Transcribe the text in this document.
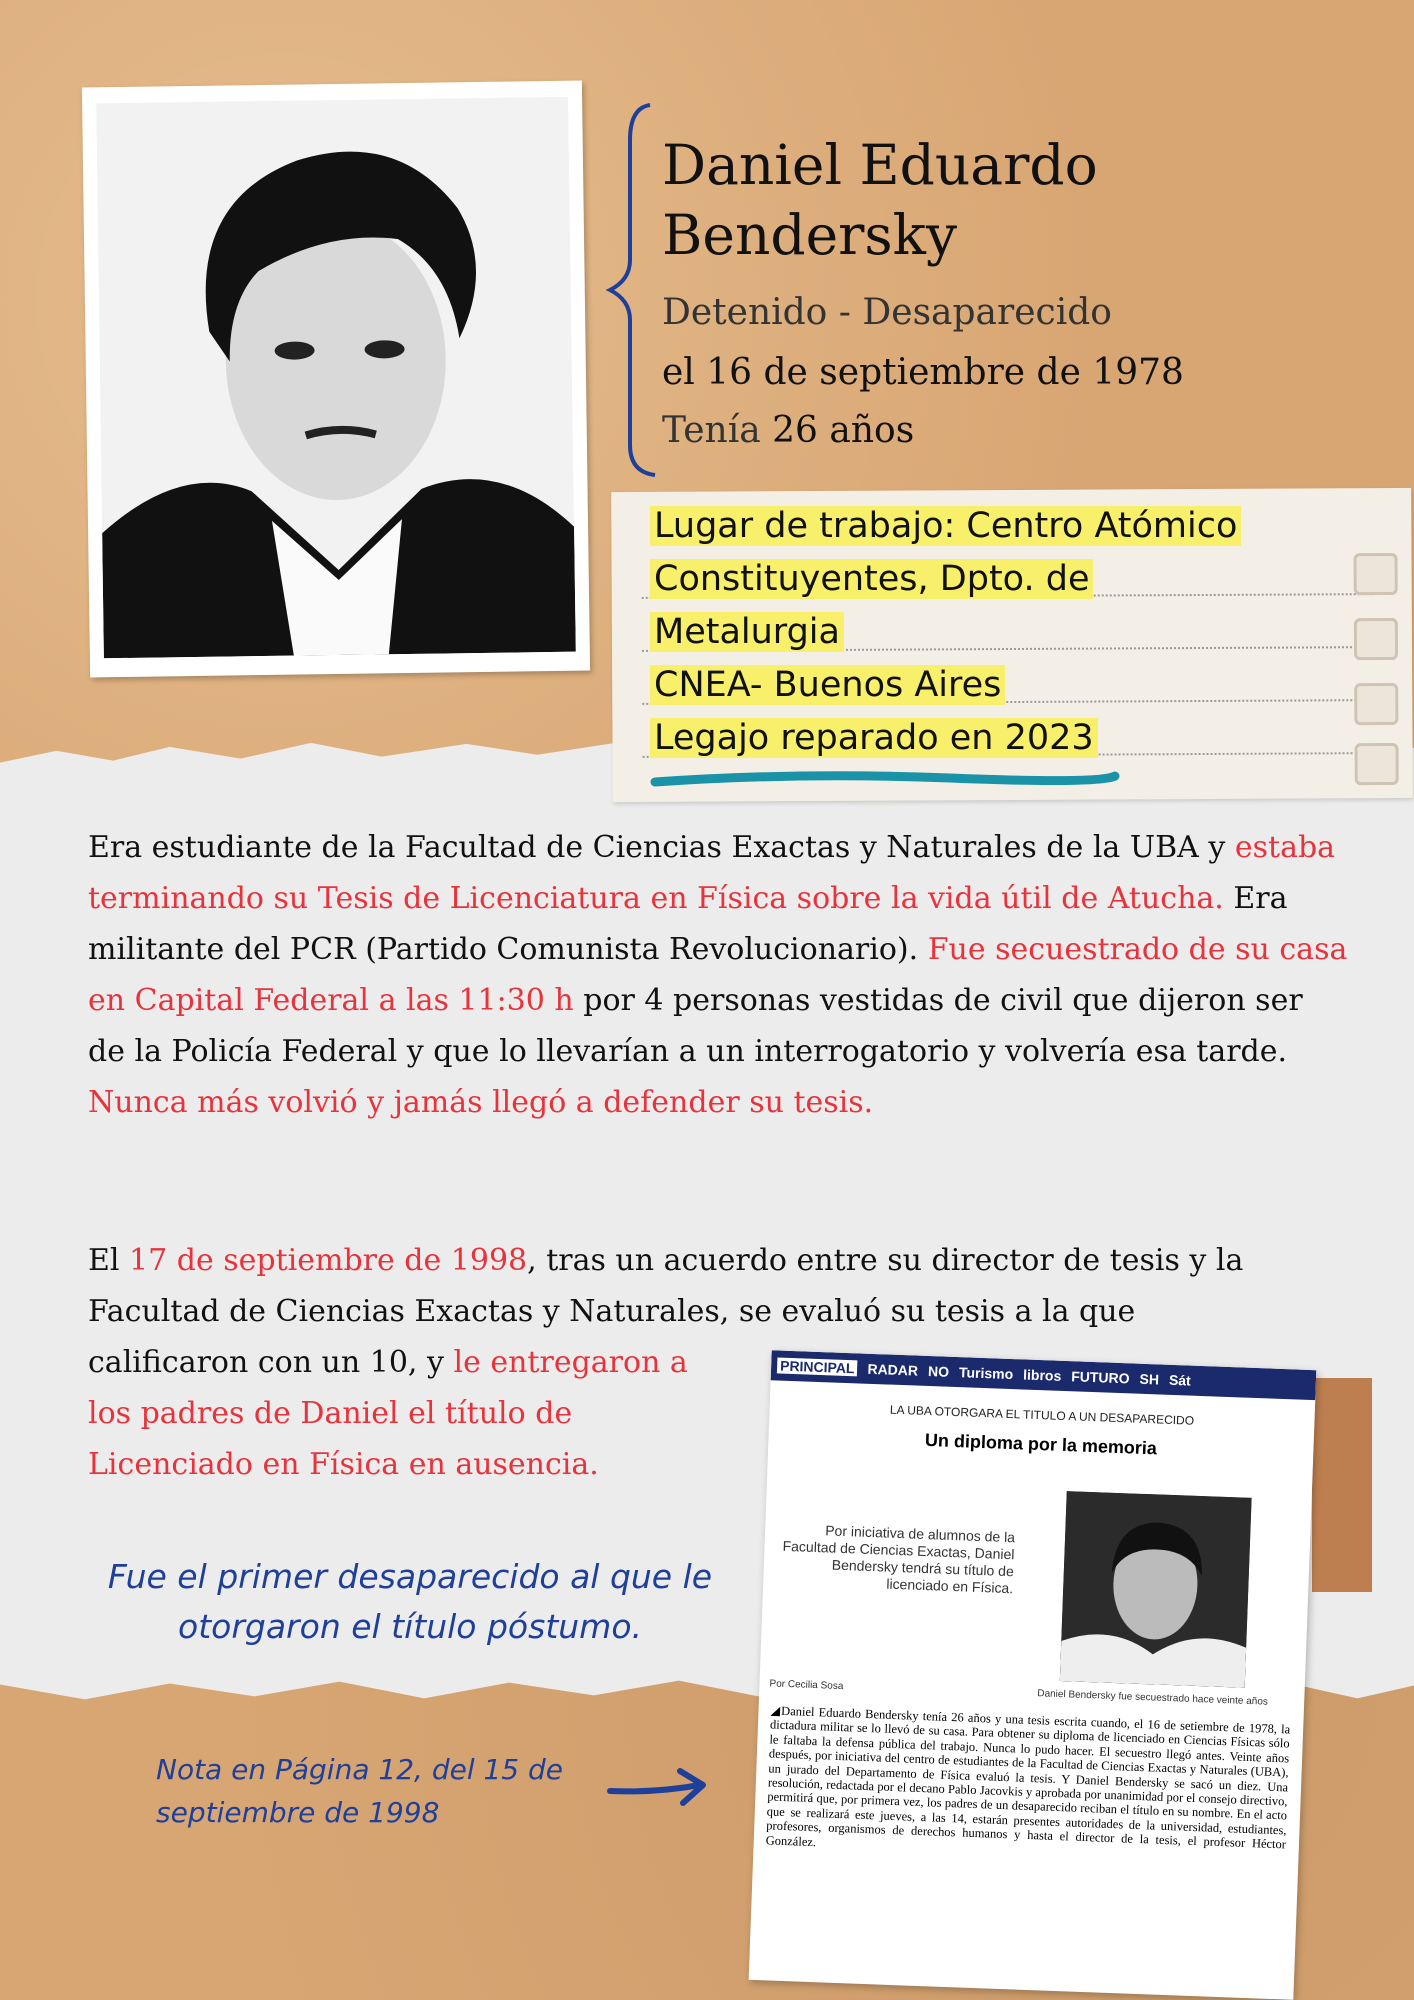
Daniel Eduardo Bendersky
Detenido - Desaparecido
el 16 de septiembre de 1978
Tenía 26 años
Lugar de trabajo: Centro Atómico
Constituyentes, Dpto. de
Metalurgia
CNEA- Buenos Aires
Legajo reparado en 2023
Era estudiante de la Facultad de Ciencias Exactas y Naturales de la UBA y estaba terminando su Tesis de Licenciatura en Física sobre la vida útil de Atucha. Era militante del PCR (Partido Comunista Revolucionario). Fue secuestrado de su casa en Capital Federal a las 11:30 h por 4 personas vestidas de civil que dijeron ser de la Policía Federal y que lo llevarían a un interrogatorio y volvería esa tarde. Nunca más volvió y jamás llegó a defender su tesis.
El 17 de septiembre de 1998, tras un acuerdo entre su director de tesis y la Facultad de Ciencias Exactas y Naturales, se evaluó su tesis a la que
calificaron con un 10, y le entregaron a los padres de Daniel el título de Licenciado en Física en ausencia.
Fue el primer desaparecido al que le otorgaron el título póstumo.
Nota en Página 12, del 15 de septiembre de 1998
PRINCIPAL RADAR NO Turismo libros FUTURO SH Sát
LA UBA OTORGARA EL TITULO A UN DESAPARECIDO
Un diploma por la memoria
Por iniciativa de alumnos de la Facultad de Ciencias Exactas, Daniel Bendersky tendrá su título de licenciado en Física.
Por Cecilia Sosa
Daniel Bendersky fue secuestrado hace veinte años
◢ Daniel Eduardo Bendersky tenía 26 años y una tesis escrita cuando, el 16 de setiembre de 1978, la dictadura militar se lo llevó de su casa. Para obtener su diploma de licenciado en Ciencias Físicas sólo le faltaba la defensa pública del trabajo. Nunca lo pudo hacer. El secuestro llegó antes. Veinte años después, por iniciativa del centro de estudiantes de la Facultad de Ciencias Exactas y Naturales (UBA), un jurado del Departamento de Física evaluó la tesis. Y Daniel Bendersky se sacó un diez. Una resolución, redactada por el decano Pablo Jacovkis y aprobada por unanimidad por el consejo directivo, permitirá que, por primera vez, los padres de un desaparecido reciban el título en su nombre. En el acto que se realizará este jueves, a las 14, estarán presentes autoridades de la universidad, estudiantes, profesores, organismos de derechos humanos y hasta el director de la tesis, el profesor Héctor González.
